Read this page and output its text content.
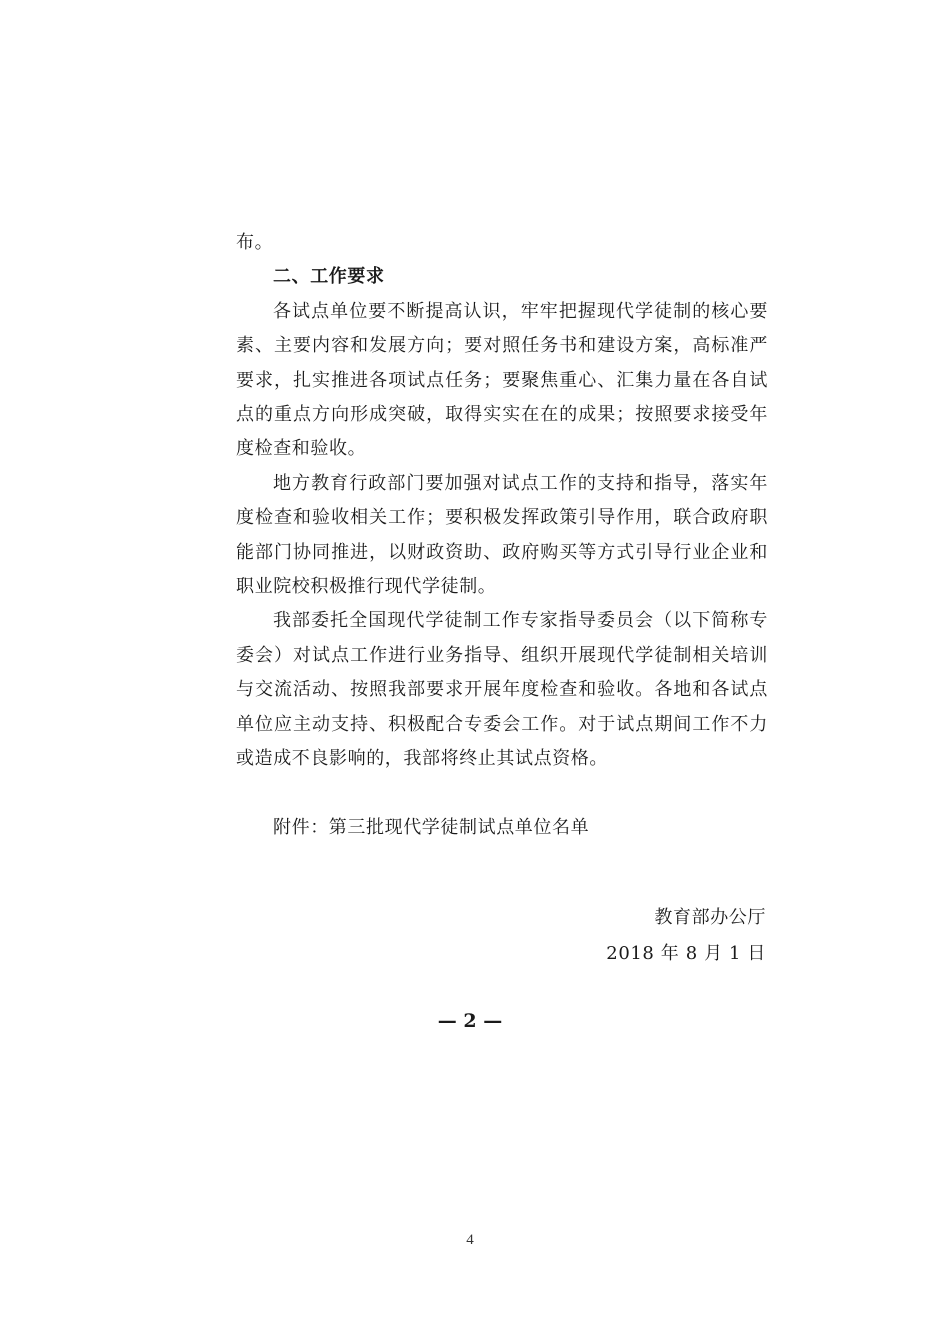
布。

二、工作要求

各试点单位要不断提高认识，牢牢把握现代学徒制的核心要素、主要内容和发展方向；要对照任务书和建设方案，高标准严要求，扎实推进各项试点任务；要聚焦重心、汇集力量在各自试点的重点方向形成突破，取得实实在在的成果；按照要求接受年度检查和验收。

地方教育行政部门要加强对试点工作的支持和指导，落实年度检查和验收相关工作；要积极发挥政策引导作用，联合政府职能部门协同推进，以财政资助、政府购买等方式引导行业企业和职业院校积极推行现代学徒制。

我部委托全国现代学徒制工作专家指导委员会（以下简称专委会）对试点工作进行业务指导、组织开展现代学徒制相关培训与交流活动、按照我部要求开展年度检查和验收。各地和各试点单位应主动支持、积极配合专委会工作。对于试点期间工作不力或造成不良影响的，我部将终止其试点资格。

附件：第三批现代学徒制试点单位名单

教育部办公厅
2018 年 8 月 1 日
— 2 —
4
